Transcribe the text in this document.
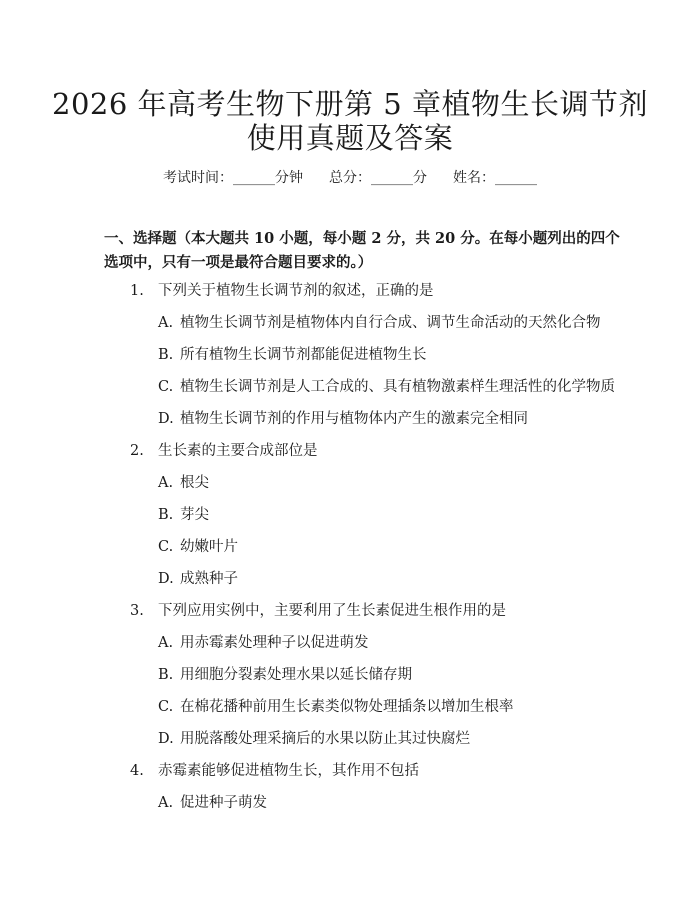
2026 年高考生物下册第 5 章植物生长调节剂
使用真题及答案
考试时间：______分钟 总分：______分 姓名：______
一、选择题（本大题共 10 小题，每小题 2 分，共 20 分。在每小题列出的四个选项中，只有一项是最符合题目要求的。）
1. 下列关于植物生长调节剂的叙述，正确的是
A. 植物生长调节剂是植物体内自行合成、调节生命活动的天然化合物
B. 所有植物生长调节剂都能促进植物生长
C. 植物生长调节剂是人工合成的、具有植物激素样生理活性的化学物质
D. 植物生长调节剂的作用与植物体内产生的激素完全相同
2. 生长素的主要合成部位是
A. 根尖
B. 芽尖
C. 幼嫩叶片
D. 成熟种子
3. 下列应用实例中，主要利用了生长素促进生根作用的是
A. 用赤霉素处理种子以促进萌发
B. 用细胞分裂素处理水果以延长储存期
C. 在棉花播种前用生长素类似物处理插条以增加生根率
D. 用脱落酸处理采摘后的水果以防止其过快腐烂
4. 赤霉素能够促进植物生长，其作用不包括
A. 促进种子萌发
